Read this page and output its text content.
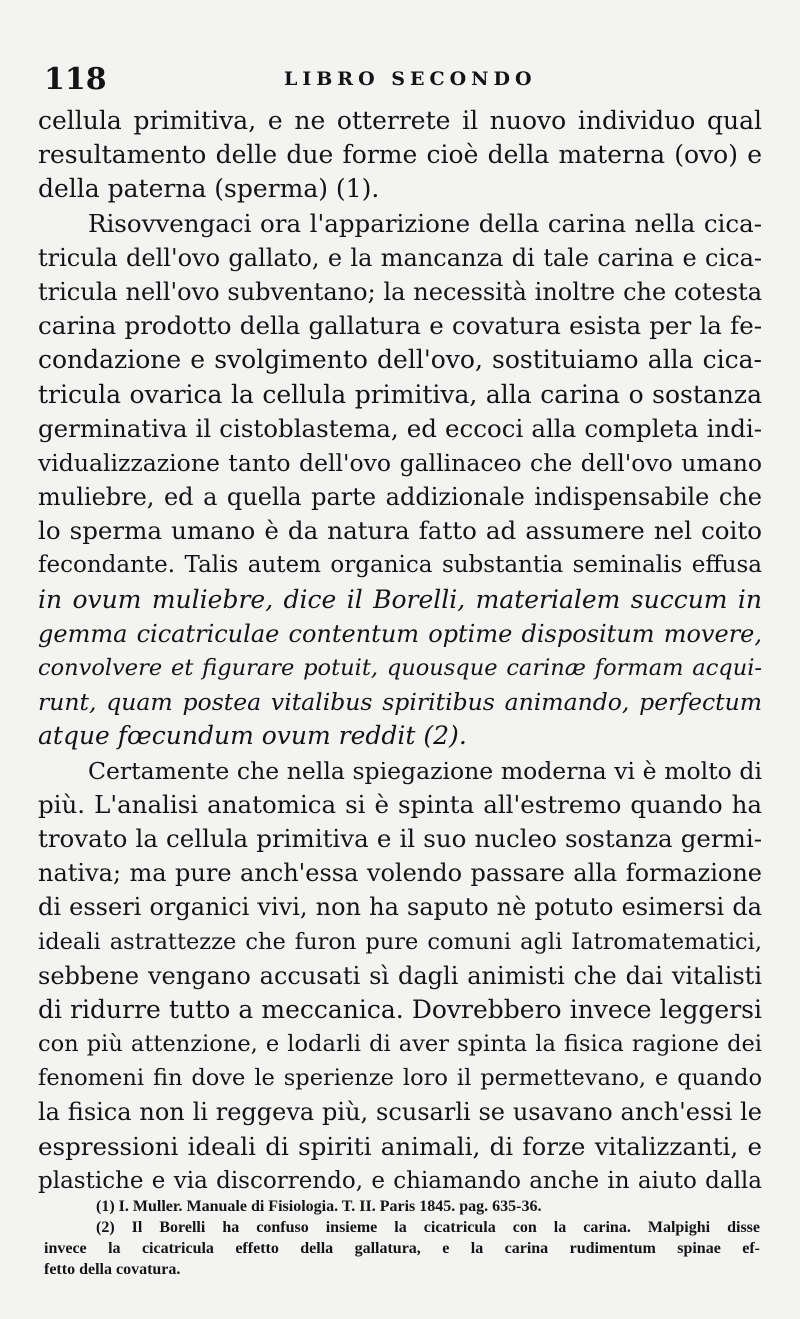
118	LIBRO SECONDO
cellula primitiva, e ne otterrete il nuovo individuo qual
resultamento delle due forme cioè della materna (ovo) e
della paterna (sperma) (1).
Risovvengaci ora l'apparizione della carina nella cica-
tricula dell'ovo gallato, e la mancanza di tale carina e cica-
tricula nell'ovo subventano; la necessità inoltre che cotesta
carina prodotto della gallatura e covatura esista per la fe-
condazione e svolgimento dell'ovo, sostituiamo alla cica-
tricula ovarica la cellula primitiva, alla carina o sostanza
germinativa il cistoblastema, ed eccoci alla completa indi-
vidualizzazione tanto dell'ovo gallinaceo che dell'ovo umano
muliebre, ed a quella parte addizionale indispensabile che
lo sperma umano è da natura fatto ad assumere nel coito
fecondante. Talis autem organica substantia seminalis effusa
in ovum muliebre, dice il Borelli, materialem succum in
gemma cicatriculae contentum optime dispositum movere,
convolvere et figurare potuit, quousque carinæ formam acqui-
runt, quam postea vitalibus spiritibus animando, perfectum
atque fœcundum ovum reddit (2).
Certamente che nella spiegazione moderna vi è molto di
più. L'analisi anatomica si è spinta all'estremo quando ha
trovato la cellula primitiva e il suo nucleo sostanza germi-
nativa; ma pure anch'essa volendo passare alla formazione
di esseri organici vivi, non ha saputo nè potuto esimersi da
ideali astrattezze che furon pure comuni agli Iatromatematici,
sebbene vengano accusati sì dagli animisti che dai vitalisti
di ridurre tutto a meccanica. Dovrebbero invece leggersi
con più attenzione, e lodarli di aver spinta la fisica ragione dei
fenomeni fin dove le sperienze loro il permettevano, e quando
la fisica non li reggeva più, scusarli se usavano anch'essi le
espressioni ideali di spiriti animali, di forze vitalizzanti, e
plastiche e via discorrendo, e chiamando anche in aiuto dalla
(1) I. Muller. Manuale di Fisiologia. T. II. Paris 1845. pag. 635-36.
(2) Il Borelli ha confuso insieme la cicatricula con la carina. Malpighi disse
invece la cicatricula effetto della gallatura, e la carina rudimentum spinae ef-
fetto della covatura.
